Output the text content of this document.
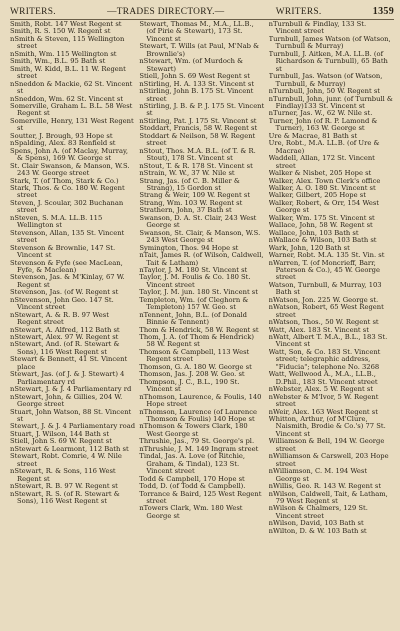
WRITERS.	—TRADES DIRECTORY.—	WRITERS.	1359

Smith, Robt. 147 West Regent st

Smith, R. S. 150 W. Regent st

nSmith & Steven, 115 Wellington street

nSmith, Wm. 115 Wellington st

Smith, Wm., B.L. 95 Bath st

Smith, W. Kidd, B.L. 11 W. Regent street

nSneddon & Mackie, 62 St. Vincent st

nSneddon, Wm. 62 St. Vincent st

Somerville, Graham L. B.L. 58 West Regent st

Somerville, Henry, 131 West Regent st

Soutter, J. Brough, 93 Hope st

nSpalding, Alex. 83 Renfield st

Spens, John A. (of Maclay, Murray, & Spens), 169 W. George st

St. Clair Swanson, & Manson, W.S. 243 W. George street

Stark, T. (of Thom, Stark & Co.)

Stark, Thos. & Co. 180 W. Regent street

Steven, J. Scoular, 302 Buchanan street

nSteven, S. M.A. LL.B. 115 Wellington st

Stevenson, Allan, 135 St. Vincent street

Stevenson & Brownlie, 147 St. Vincent st

Stevenson & Fyfe (see MacLean, Fyfe, & Maclean)

Stevenson, Jas. & M'Kinlay, 67 W. Regent st

Stevenson, Jas. (of W. Regent st

nStevenson, John Geo. 147 St. Vincent street

nStewart, A. & R. B. 97 West Regent street

nStewart, A. Alfred, 112 Bath st

nStewart, Alex. 97 W. Regent st

nStewart, And. (of R. Stewart & Sons), 116 West Regent st

Stewart & Bennett, 41 St. Vincent place

Stewart, Jas. (of J. & J. Stewart) 4 Parliamentary rd

nStewart, J. & J. 4 Parliamentary rd

nStewart, John, & Gillies, 204 W. George street

Stuart, John Watson, 88 St. Vincent st

Stewart, J. & J. 4 Parliamentary road

Stuart, J. Wilson, 144 Bath st

Stiell, John S. 69 W. Regent st

nStewart & Learmont, 112 Bath st

Stewart, Robt. Comrie, 4 W. Nile street

nStewart, R. & Sons, 116 West Regent st

nStewart, R. B. 97 W. Regent st

nStewart, R. S. (of R. Stewart & Sons), 116 West Regent st

Stewart, Thomas M., M.A., LL.B., (of Pirie & Stewart), 173 St. Vincent st

Stewart, T. Wills (at Paul, M'Nab & Brownlie's)

nStewart, Wm. (of Murdoch & Stewart)

Stiell, John S. 69 West Regent st

nStirling, H. A. 133 St. Vincent st

nStirling, John B. 175 St. Vincent street

nStirling, J. B. & P. J. 175 St. Vincent st

nStirling, Pat. J. 175 St. Vincent st

Stoddart, Francis, 58 W. Regent st

Stoddart & Neilson, 58 W. Regent street

nStout, Thos. M.A. B.L. (of T. & R. Stout), 178 St. Vincent st

nStout, T. & R. 178 St. Vincent st

nStrain, W. W., 37 W. Nile st

Strang, Jas. (of C. B. Miller & Strang), 15 Gordon st

Strang & Weir, 109 W. Regent st

Strang, Wm. 103 W. Regent st

Strathern, John, 37 Bath st

Swanson, D. A. St. Clair, 243 West George st

Swanson, St. Clair, & Manson, W.S. 243 West George st

Symington, Thos. 94 Hope st

nTait, James R. (of Wilson, Caldwell, Tait & Latham)

nTaylor, J. M. 180 St. Vincent st

Taylor, J. M. Foulis & Co. 180 St. Vincent street

Taylor, J. M. jun. 180 St. Vincent st

Templeton, Wm. (of Cleghorn & Templeton) 157 W. Geo. st

nTennent, John, B.L. (of Donald Binnie & Tennent)

Thom & Hendrick, 58 W. Regent st

Thom, J. A. (of Thom & Hendrick) 58 W. Regent st

Thomson & Campbell, 113 West Regent street

Thomson, G. A. 180 W. George st

Thomson, Jas. J. 208 W. Geo. st

Thompson, J. C., B.L., 190 St. Vincent st

nThomson, Laurence, & Foulis, 140 Hope street

nThomson, Laurence (of Laurence Thomson & Foulis) 140 Hope st

nThomson & Towers Clark, 180 West George st

Thrushie, Jas., 79 St. George's pl.

nThrushie, J. M. 149 Ingram street

Tindal, Jas. A. Love (of Ritchie, Graham, & Tindal), 123 St. Vincent street

Todd & Campbell, 170 Hope st

Todd, D. (of Todd & Campbell).

Torrance & Baird, 125 West Regent street

nTowers Clark, Wm. 180 West George st

nTurnbull & Findlay, 133 St. Vincent street

Turnbull, James Watson (of Watson, Turnbull & Murray)

Turnbull, J. Aitken, M.A. LL.B. (of Richardson & Turnbull), 65 Bath st

Turnbull, Jas. Watson (of Watson, Turnbull, & Murray)

nTurnbull, John, 50 W. Regent st

nTurnbull, John, junr. (of Turnbull & Findlay)133 St. Vincent st

nTurner, Jas. W., 62 W. Nile st.

Turner, John (of R. P. Lamond & Turner), 163 W. George st

Ure & Macrae, 81 Bath st

Ure, Robt., M.A. LL.B. (of Ure & Macrae)

Waddell, Allan, 172 St. Vincent street

Walker & Nisbet, 205 Hope st

Walker, Alex. Town Clerk's office

Walker, A. O. 180 St. Vincent st

Walker, Gilbert, 205 Hope st

Walker, Robert, & Orr, 154 West George st

Walker, Wm. 175 St. Vincent st

Wallace, John, 58 W. Regent st

Wallace, John, 103 Bath st

nWallace & Wilson, 103 Bath st

Wark, John, 120 Bath st

Warner, Robt. M.A. 135 St. Vin. st

nWarren, T. (of Moncrieff, Barr, Paterson & Co.), 45 W. George street

Watson, Turnbull, & Murray, 103 Bath st

nWatson, Jon. 225 W. George st.

nWatson, Robert, 65 West Regent street

nWatson, Thos., 50 W. Regent st

Watt, Alex. 183 St. Vincent st

nWatt, Albert T. M.A., B.L., 183 St. Vincent st

Watt, Son, & Co. 183 St. Vincent street; telegraphic address, "Fiducia"; telephone No. 3268

Watt, Wellwood A., M.A., LL.B., D.Phil., 183 St. Vincent street

nWebster, Alex. 5 W. Regent st

nWebster & M'Ivor, 5 W. Regent street

nWeir, Alex. 163 West Regent st

Whitton, Arthur, (of M'Clure, Naismith, Brodie & Co.'s) 77 St. Vincent st

Williamson & Bell, 194 W. George street

nWilliamson & Carswell, 203 Hope street

nWilliamson, C. M. 194 West George st

nWillis, Geo. R. 143 W. Regent st

nWilson, Caldwell, Tait, & Latham, 79 West Regent st

nWilson & Chalmers, 129 St. Vincent street

nWilson, David, 103 Bath st

nWilton, D. & W. 103 Bath st
